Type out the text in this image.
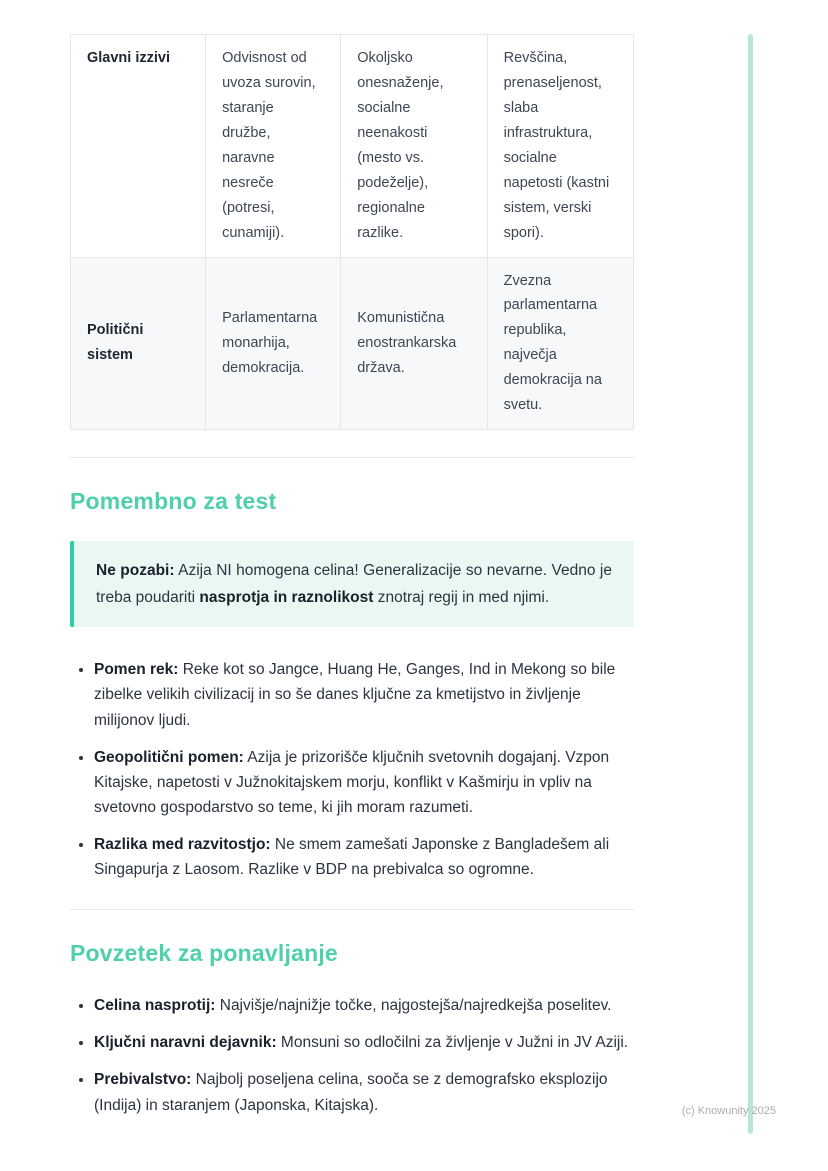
Glavni izzivi	Odvisnost od uvoza surovin, staranje družbe, naravne nesreče (potresi, cunamiji).	Okoljsko onesnaženje, socialne neenakosti (mesto vs. podeželje), regionalne razlike.	Revščina, prenaseljenost, slaba infrastruktura, socialne napetosti (kastni sistem, verski spori).
Politični sistem	Parlamentarna monarhija, demokracija.	Komunistična enostrankarska država.	Zvezna parlamentarna republika, največja demokracija na svetu.
Pomembno za test

Ne pozabi: Azija NI homogena celina! Generalizacije so nevarne. Vedno je treba poudariti nasprotja in raznolikost znotraj regij in med njimi.

• Pomen rek: Reke kot so Jangce, Huang He, Ganges, Ind in Mekong so bile zibelke velikih civilizacij in so še danes ključne za kmetijstvo in življenje milijonov ljudi.
• Geopolitični pomen: Azija je prizorišče ključnih svetovnih dogajanj. Vzpon Kitajske, napetosti v Južnokitajskem morju, konflikt v Kašmirju in vpliv na svetovno gospodarstvo so teme, ki jih moram razumeti.
• Razlika med razvitostjo: Ne smem zamešati Japonske z Bangladešem ali Singapurja z Laosom. Razlike v BDP na prebivalca so ogromne.
Povzetek za ponavljanje
• Celina nasprotij: Najvišje/najnižje točke, najgostejša/najredkejša poselitev.
• Ključni naravni dejavnik: Monsuni so odločilni za življenje v Južni in JV Aziji.
• Prebivalstvo: Najbolj poseljena celina, sooča se z demografsko eksplozijo (Indija) in staranjem (Japonska, Kitajska).	(c) Knowunity 2025
